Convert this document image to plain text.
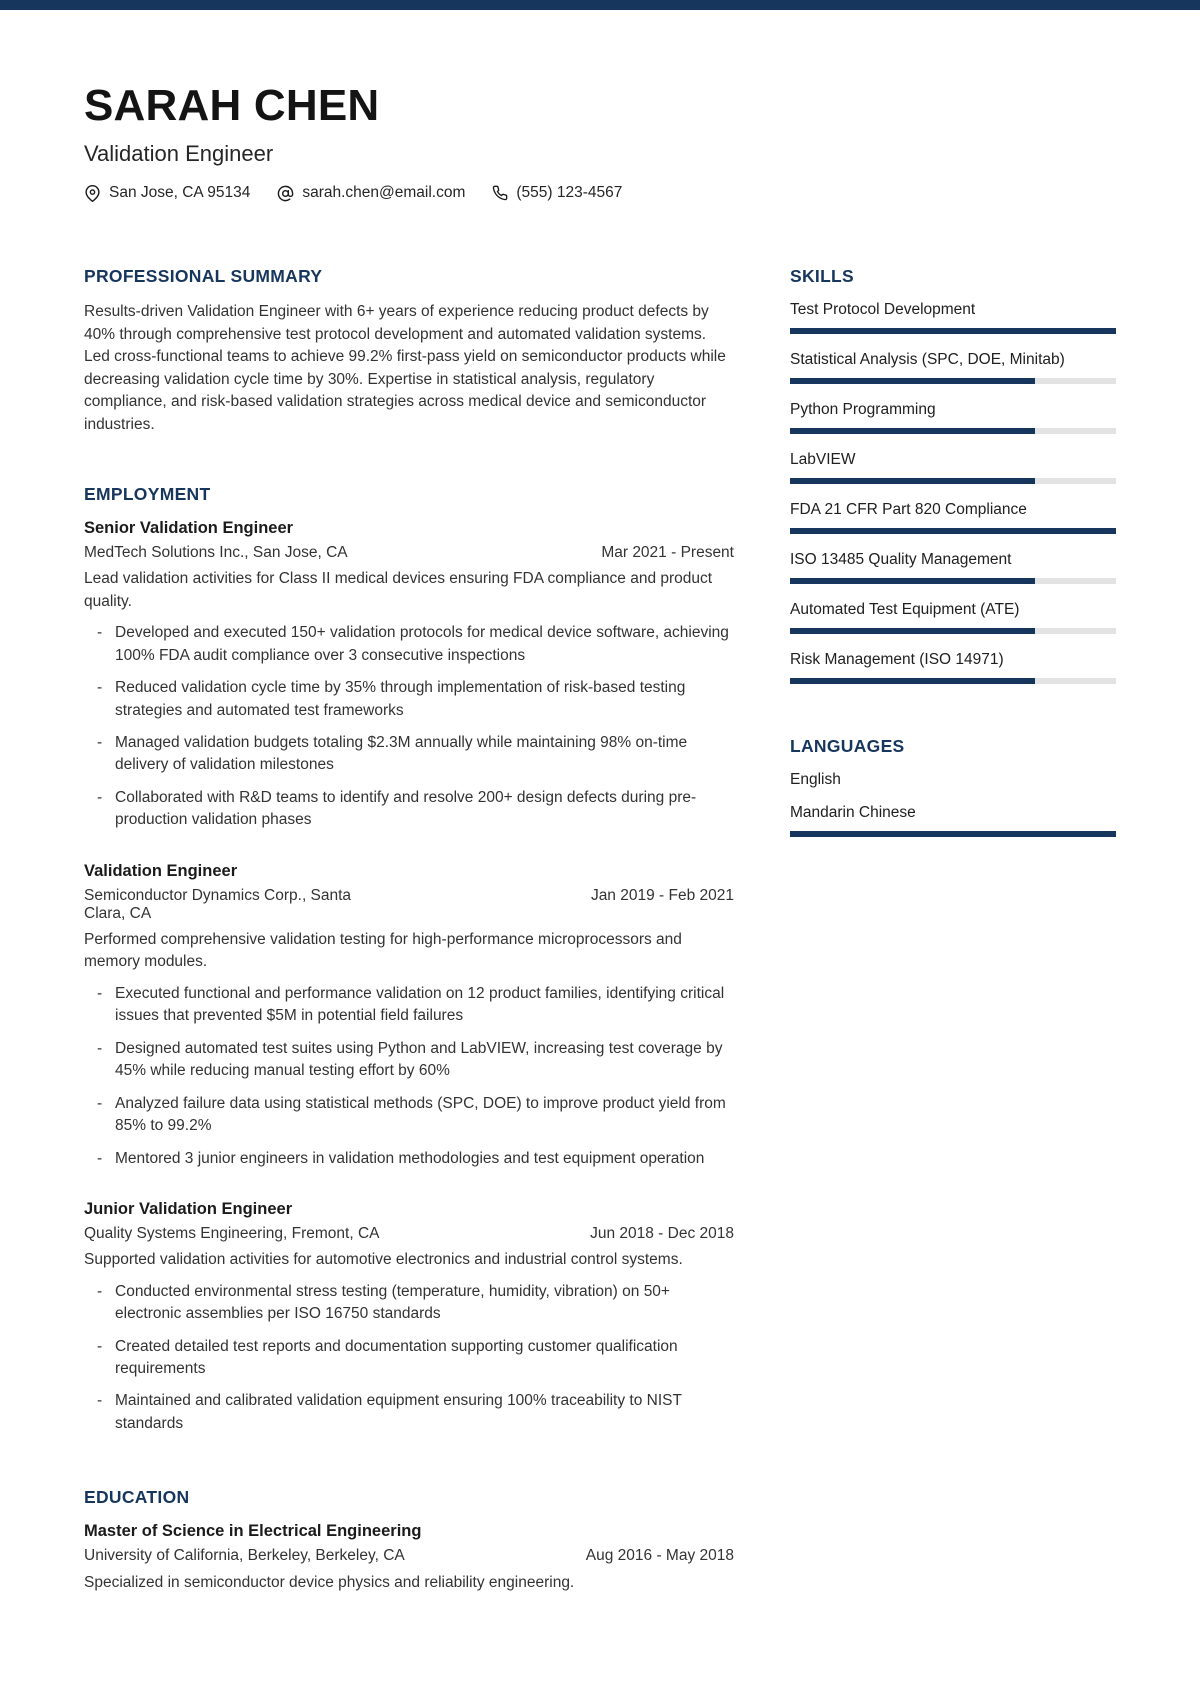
SARAH CHEN
Validation Engineer
San Jose, CA 95134	sarah.chen@email.com	(555) 123-4567
PROFESSIONAL SUMMARY

Results-driven Validation Engineer with 6+ years of experience reducing product defects by 40% through comprehensive test protocol development and automated validation systems. Led cross-functional teams to achieve 99.2% first-pass yield on semiconductor products while decreasing validation cycle time by 30%. Expertise in statistical analysis, regulatory compliance, and risk-based validation strategies across medical device and semiconductor industries.

EMPLOYMENT
Senior Validation Engineer
MedTech Solutions Inc., San Jose, CA	Mar 2021 - Present

Lead validation activities for Class II medical devices ensuring FDA compliance and product quality.

- Developed and executed 150+ validation protocols for medical device software, achieving 100% FDA audit compliance over 3 consecutive inspections
- Reduced validation cycle time by 35% through implementation of risk-based testing strategies and automated test frameworks
- Managed validation budgets totaling $2.3M annually while maintaining 98% on-time delivery of validation milestones
- Collaborated with R&D teams to identify and resolve 200+ design defects during pre-production validation phases
Validation Engineer
Semiconductor Dynamics Corp., Santa Clara, CA
Jan 2019 - Feb 2021

Performed comprehensive validation testing for high-performance microprocessors and memory modules.

- Executed functional and performance validation on 12 product families, identifying critical issues that prevented $5M in potential field failures
- Designed automated test suites using Python and LabVIEW, increasing test coverage by 45% while reducing manual testing effort by 60%
- Analyzed failure data using statistical methods (SPC, DOE) to improve product yield from 85% to 99.2%
- Mentored 3 junior engineers in validation methodologies and test equipment operation
Junior Validation Engineer
Quality Systems Engineering, Fremont, CA	Jun 2018 - Dec 2018

Supported validation activities for automotive electronics and industrial control systems.

- Conducted environmental stress testing (temperature, humidity, vibration) on 50+ electronic assemblies per ISO 16750 standards
- Created detailed test reports and documentation supporting customer qualification requirements
- Maintained and calibrated validation equipment ensuring 100% traceability to NIST standards
EDUCATION
Master of Science in Electrical Engineering
University of California, Berkeley, Berkeley, CA	Aug 2016 - May 2018

Specialized in semiconductor device physics and reliability engineering.

SKILLS
Test Protocol Development
Statistical Analysis (SPC, DOE, Minitab)
Python Programming
LabVIEW
FDA 21 CFR Part 820 Compliance
ISO 13485 Quality Management
Automated Test Equipment (ATE)
Risk Management (ISO 14971)
LANGUAGES
English
Mandarin Chinese
